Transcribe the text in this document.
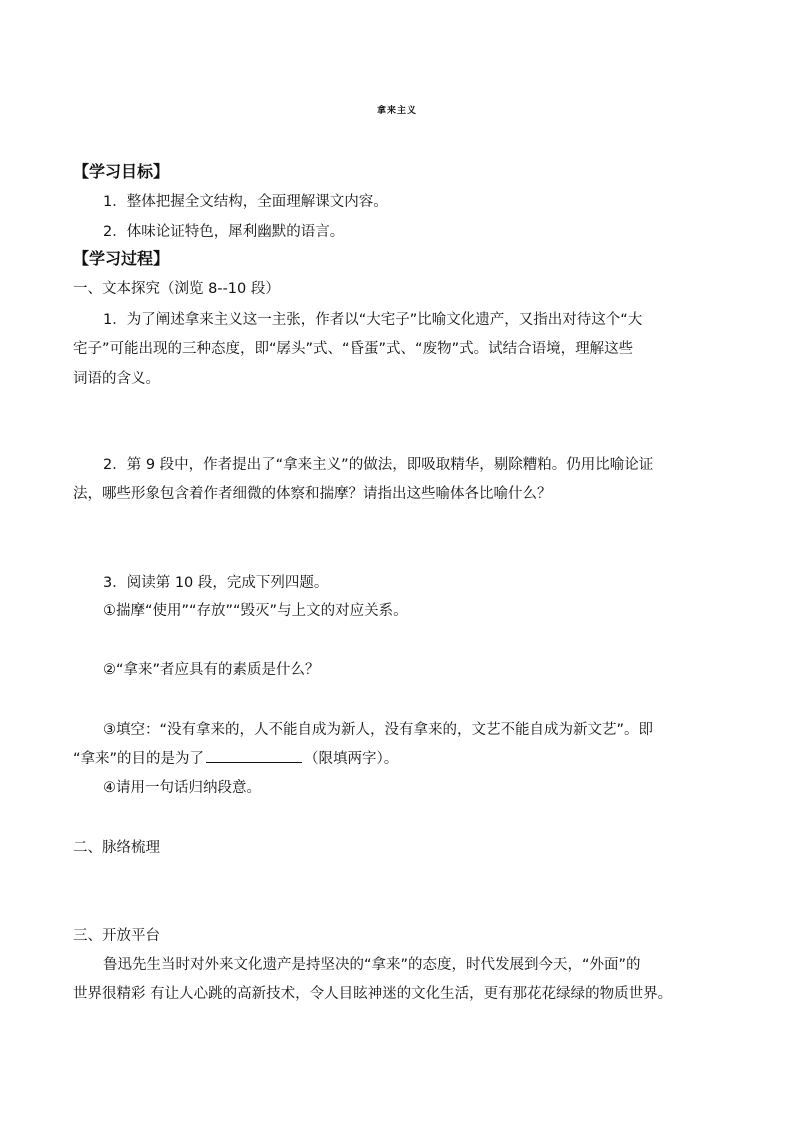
拿来主义
【学习目标】
1．整体把握全文结构，全面理解课文内容。
2．体味论证特色，犀利幽默的语言。
【学习过程】
一、文本探究（浏览 8--10 段）
1．为了阐述拿来主义这一主张，作者以“大宅子”比喻文化遗产，又指出对待这个“大
宅子”可能出现的三种态度，即“孱头”式、“昏蛋”式、“废物”式。试结合语境，理解这些
词语的含义。
2．第 9 段中，作者提出了“拿来主义”的做法，即吸取精华，剔除糟粕。仍用比喻论证
法，哪些形象包含着作者细微的体察和揣摩？请指出这些喻体各比喻什么？
3．阅读第 10 段，完成下列四题。
①揣摩“使用”“存放”“毁灭”与上文的对应关系。
②“拿来”者应具有的素质是什么？
③填空：“没有拿来的，人不能自成为新人，没有拿来的，文艺不能自成为新文艺”。即
“拿来”的目的是为了	（限填两字）。
④请用一句话归纳段意。
二、脉络梳理
三、开放平台
鲁迅先生当时对外来文化遗产是持坚决的“拿来”的态度，时代发展到今天，“外面”的
世界很精彩 有让人心跳的高新技术，令人目眩神迷的文化生活，更有那花花绿绿的物质世界。
